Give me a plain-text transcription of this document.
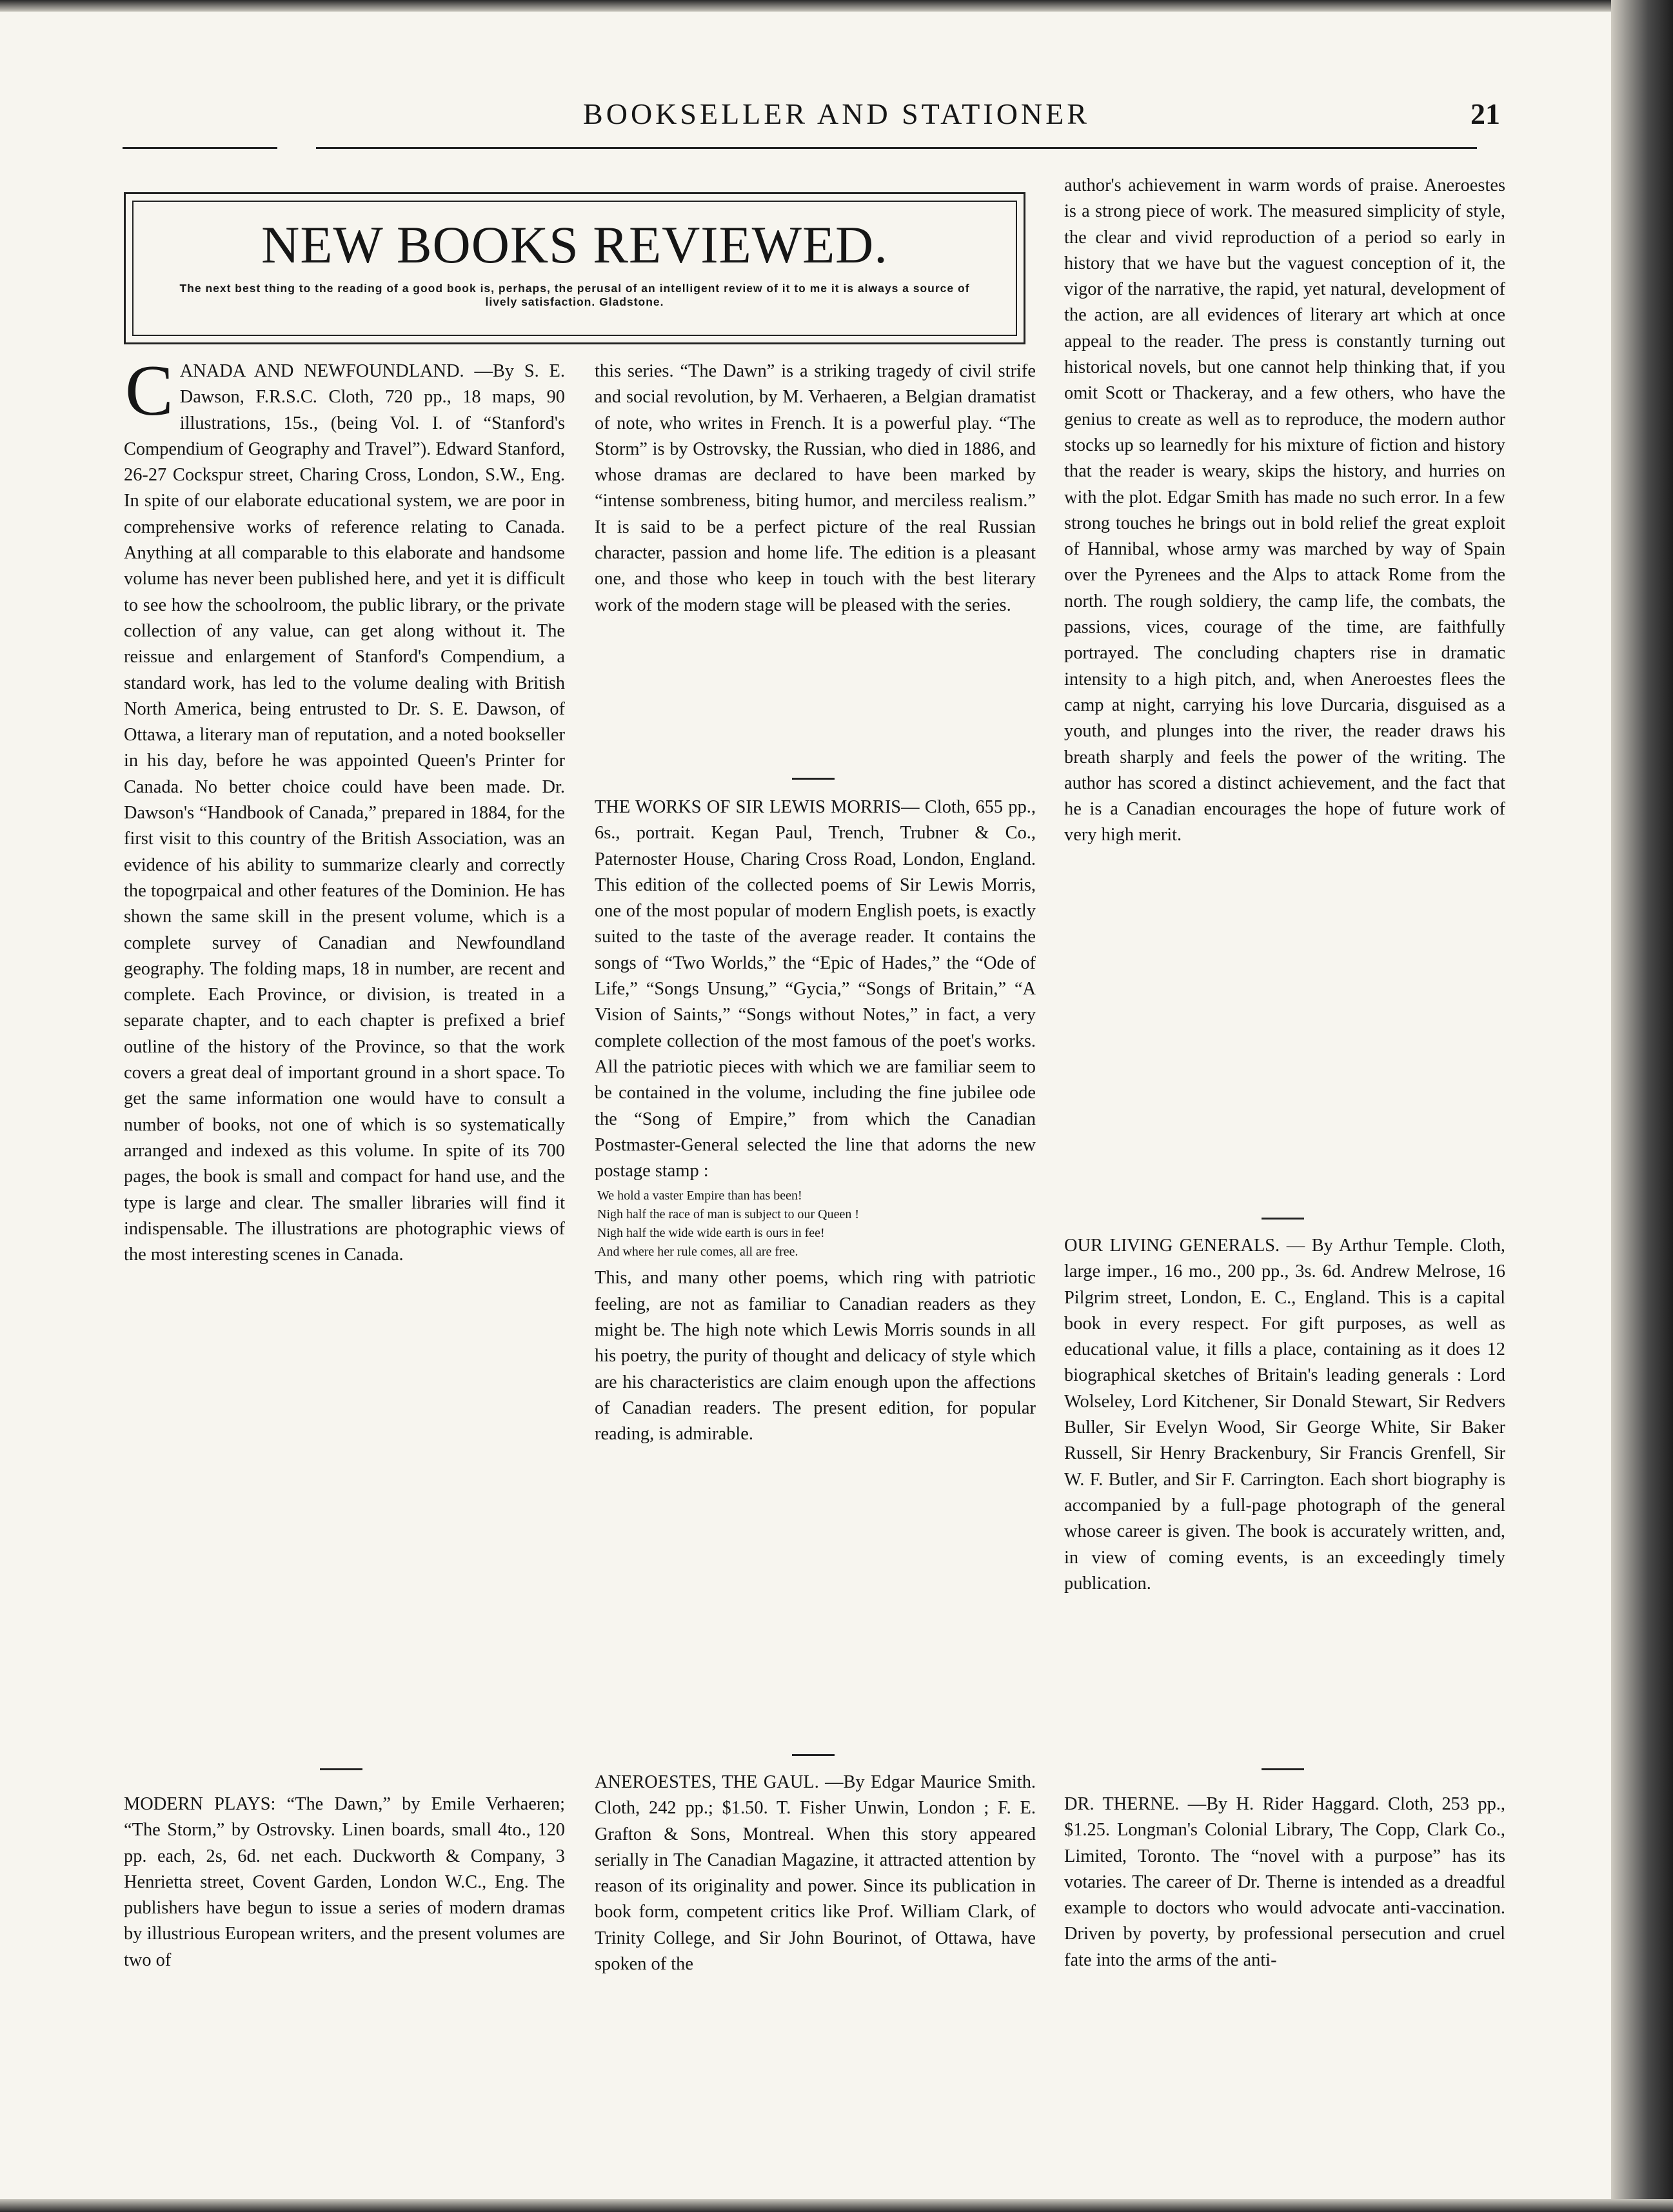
BOOKSELLER AND STATIONER	21
NEW BOOKS REVIEWED.
The next best thing to the reading of a good book is, perhaps, the perusal of an intelligent review of it to me it is always a source of lively satisfaction. Gladstone.

C ANADA AND NEWFOUNDLAND. —By S. E. Dawson, F.R.S.C. Cloth, 720 pp., 18 maps, 90 illustrations, 15s., (being Vol. I. of “Stanford's Compendium of Geography and Travel”). Edward Stanford, 26-27 Cockspur street, Charing Cross, London, S.W., Eng. In spite of our elaborate educational system, we are poor in comprehensive works of reference relating to Canada. Anything at all comparable to this elaborate and handsome volume has never been published here, and yet it is difficult to see how the schoolroom, the public library, or the private collection of any value, can get along without it. The reissue and enlargement of Stanford's Compendium, a standard work, has led to the volume dealing with British North America, being entrusted to Dr. S. E. Dawson, of Ottawa, a literary man of reputation, and a noted bookseller in his day, before he was appointed Queen's Printer for Canada. No better choice could have been made. Dr. Dawson's “Handbook of Canada,” prepared in 1884, for the first visit to this country of the British Association, was an evidence of his ability to summarize clearly and correctly the topogrpaical and other features of the Dominion. He has shown the same skill in the present volume, which is a complete survey of Canadian and Newfoundland geography. The folding maps, 18 in number, are recent and complete. Each Province, or division, is treated in a separate chapter, and to each chapter is prefixed a brief outline of the history of the Province, so that the work covers a great deal of important ground in a short space. To get the same information one would have to consult a number of books, not one of which is so systematically arranged and indexed as this volume. In spite of its 700 pages, the book is small and compact for hand use, and the type is large and clear. The smaller libraries will find it indispensable. The illustrations are photographic views of the most interesting scenes in Canada.

MODERN PLAYS: “The Dawn,” by Emile Verhaeren; “The Storm,” by Ostrovsky. Linen boards, small 4to., 120 pp. each, 2s, 6d. net each. Duckworth & Company, 3 Henrietta street, Covent Garden, London W.C., Eng. The publishers have begun to issue a series of modern dramas by illustrious European writers, and the present volumes are two of

this series. “The Dawn” is a striking tragedy of civil strife and social revolution, by M. Verhaeren, a Belgian dramatist of note, who writes in French. It is a powerful play. “The Storm” is by Ostrovsky, the Russian, who died in 1886, and whose dramas are declared to have been marked by “intense sombreness, biting humor, and merciless realism.” It is said to be a perfect picture of the real Russian character, passion and home life. The edition is a pleasant one, and those who keep in touch with the best literary work of the modern stage will be pleased with the series.

THE WORKS OF SIR LEWIS MORRIS— Cloth, 655 pp., 6s., portrait. Kegan Paul, Trench, Trubner & Co., Paternoster House, Charing Cross Road, London, England. This edition of the collected poems of Sir Lewis Morris, one of the most popular of modern English poets, is exactly suited to the taste of the average reader. It contains the songs of “Two Worlds,” the “Epic of Hades,” the “Ode of Life,” “Songs Unsung,” “Gycia,” “Songs of Britain,” “A Vision of Saints,” “Songs without Notes,” in fact, a very complete collection of the most famous of the poet's works. All the patriotic pieces with which we are familiar seem to be contained in the volume, including the fine jubilee ode the “Song of Empire,” from which the Canadian Postmaster-General selected the line that adorns the new postage stamp :

We hold a vaster Empire than has been!
Nigh half the race of man is subject to our Queen !
Nigh half the wide wide earth is ours in fee!
And where her rule comes, all are free.

This, and many other poems, which ring with patriotic feeling, are not as familiar to Canadian readers as they might be. The high note which Lewis Morris sounds in all his poetry, the purity of thought and delicacy of style which are his characteristics are claim enough upon the affections of Canadian readers. The present edition, for popular reading, is admirable.

ANEROESTES, THE GAUL. —By Edgar Maurice Smith. Cloth, 242 pp.; $1.50. T. Fisher Unwin, London ; F. E. Grafton & Sons, Montreal. When this story appeared serially in The Canadian Magazine, it attracted attention by reason of its originality and power. Since its publication in book form, competent critics like Prof. William Clark, of Trinity College, and Sir John Bourinot, of Ottawa, have spoken of the

author's achievement in warm words of praise. Aneroestes is a strong piece of work. The measured simplicity of style, the clear and vivid reproduction of a period so early in history that we have but the vaguest conception of it, the vigor of the narrative, the rapid, yet natural, development of the action, are all evidences of literary art which at once appeal to the reader. The press is constantly turning out historical novels, but one cannot help thinking that, if you omit Scott or Thackeray, and a few others, who have the genius to create as well as to reproduce, the modern author stocks up so learnedly for his mixture of fiction and history that the reader is weary, skips the history, and hurries on with the plot. Edgar Smith has made no such error. In a few strong touches he brings out in bold relief the great exploit of Hannibal, whose army was marched by way of Spain over the Pyrenees and the Alps to attack Rome from the north. The rough soldiery, the camp life, the combats, the passions, vices, courage of the time, are faithfully portrayed. The concluding chapters rise in dramatic intensity to a high pitch, and, when Aneroestes flees the camp at night, carrying his love Durcaria, disguised as a youth, and plunges into the river, the reader draws his breath sharply and feels the power of the writing. The author has scored a distinct achievement, and the fact that he is a Canadian encourages the hope of future work of very high merit.

OUR LIVING GENERALS. — By Arthur Temple. Cloth, large imper., 16 mo., 200 pp., 3s. 6d. Andrew Melrose, 16 Pilgrim street, London, E. C., England. This is a capital book in every respect. For gift purposes, as well as educational value, it fills a place, containing as it does 12 biographical sketches of Britain's leading generals : Lord Wolseley, Lord Kitchener, Sir Donald Stewart, Sir Redvers Buller, Sir Evelyn Wood, Sir George White, Sir Baker Russell, Sir Henry Brackenbury, Sir Francis Grenfell, Sir W. F. Butler, and Sir F. Carrington. Each short biography is accompanied by a full-page photograph of the general whose career is given. The book is accurately written, and, in view of coming events, is an exceedingly timely publication.

DR. THERNE. —By H. Rider Haggard. Cloth, 253 pp., $1.25. Longman's Colonial Library, The Copp, Clark Co., Limited, Toronto. The “novel with a purpose” has its votaries. The career of Dr. Therne is intended as a dreadful example to doctors who would advocate anti-vaccination. Driven by poverty, by professional persecution and cruel fate into the arms of the anti-
